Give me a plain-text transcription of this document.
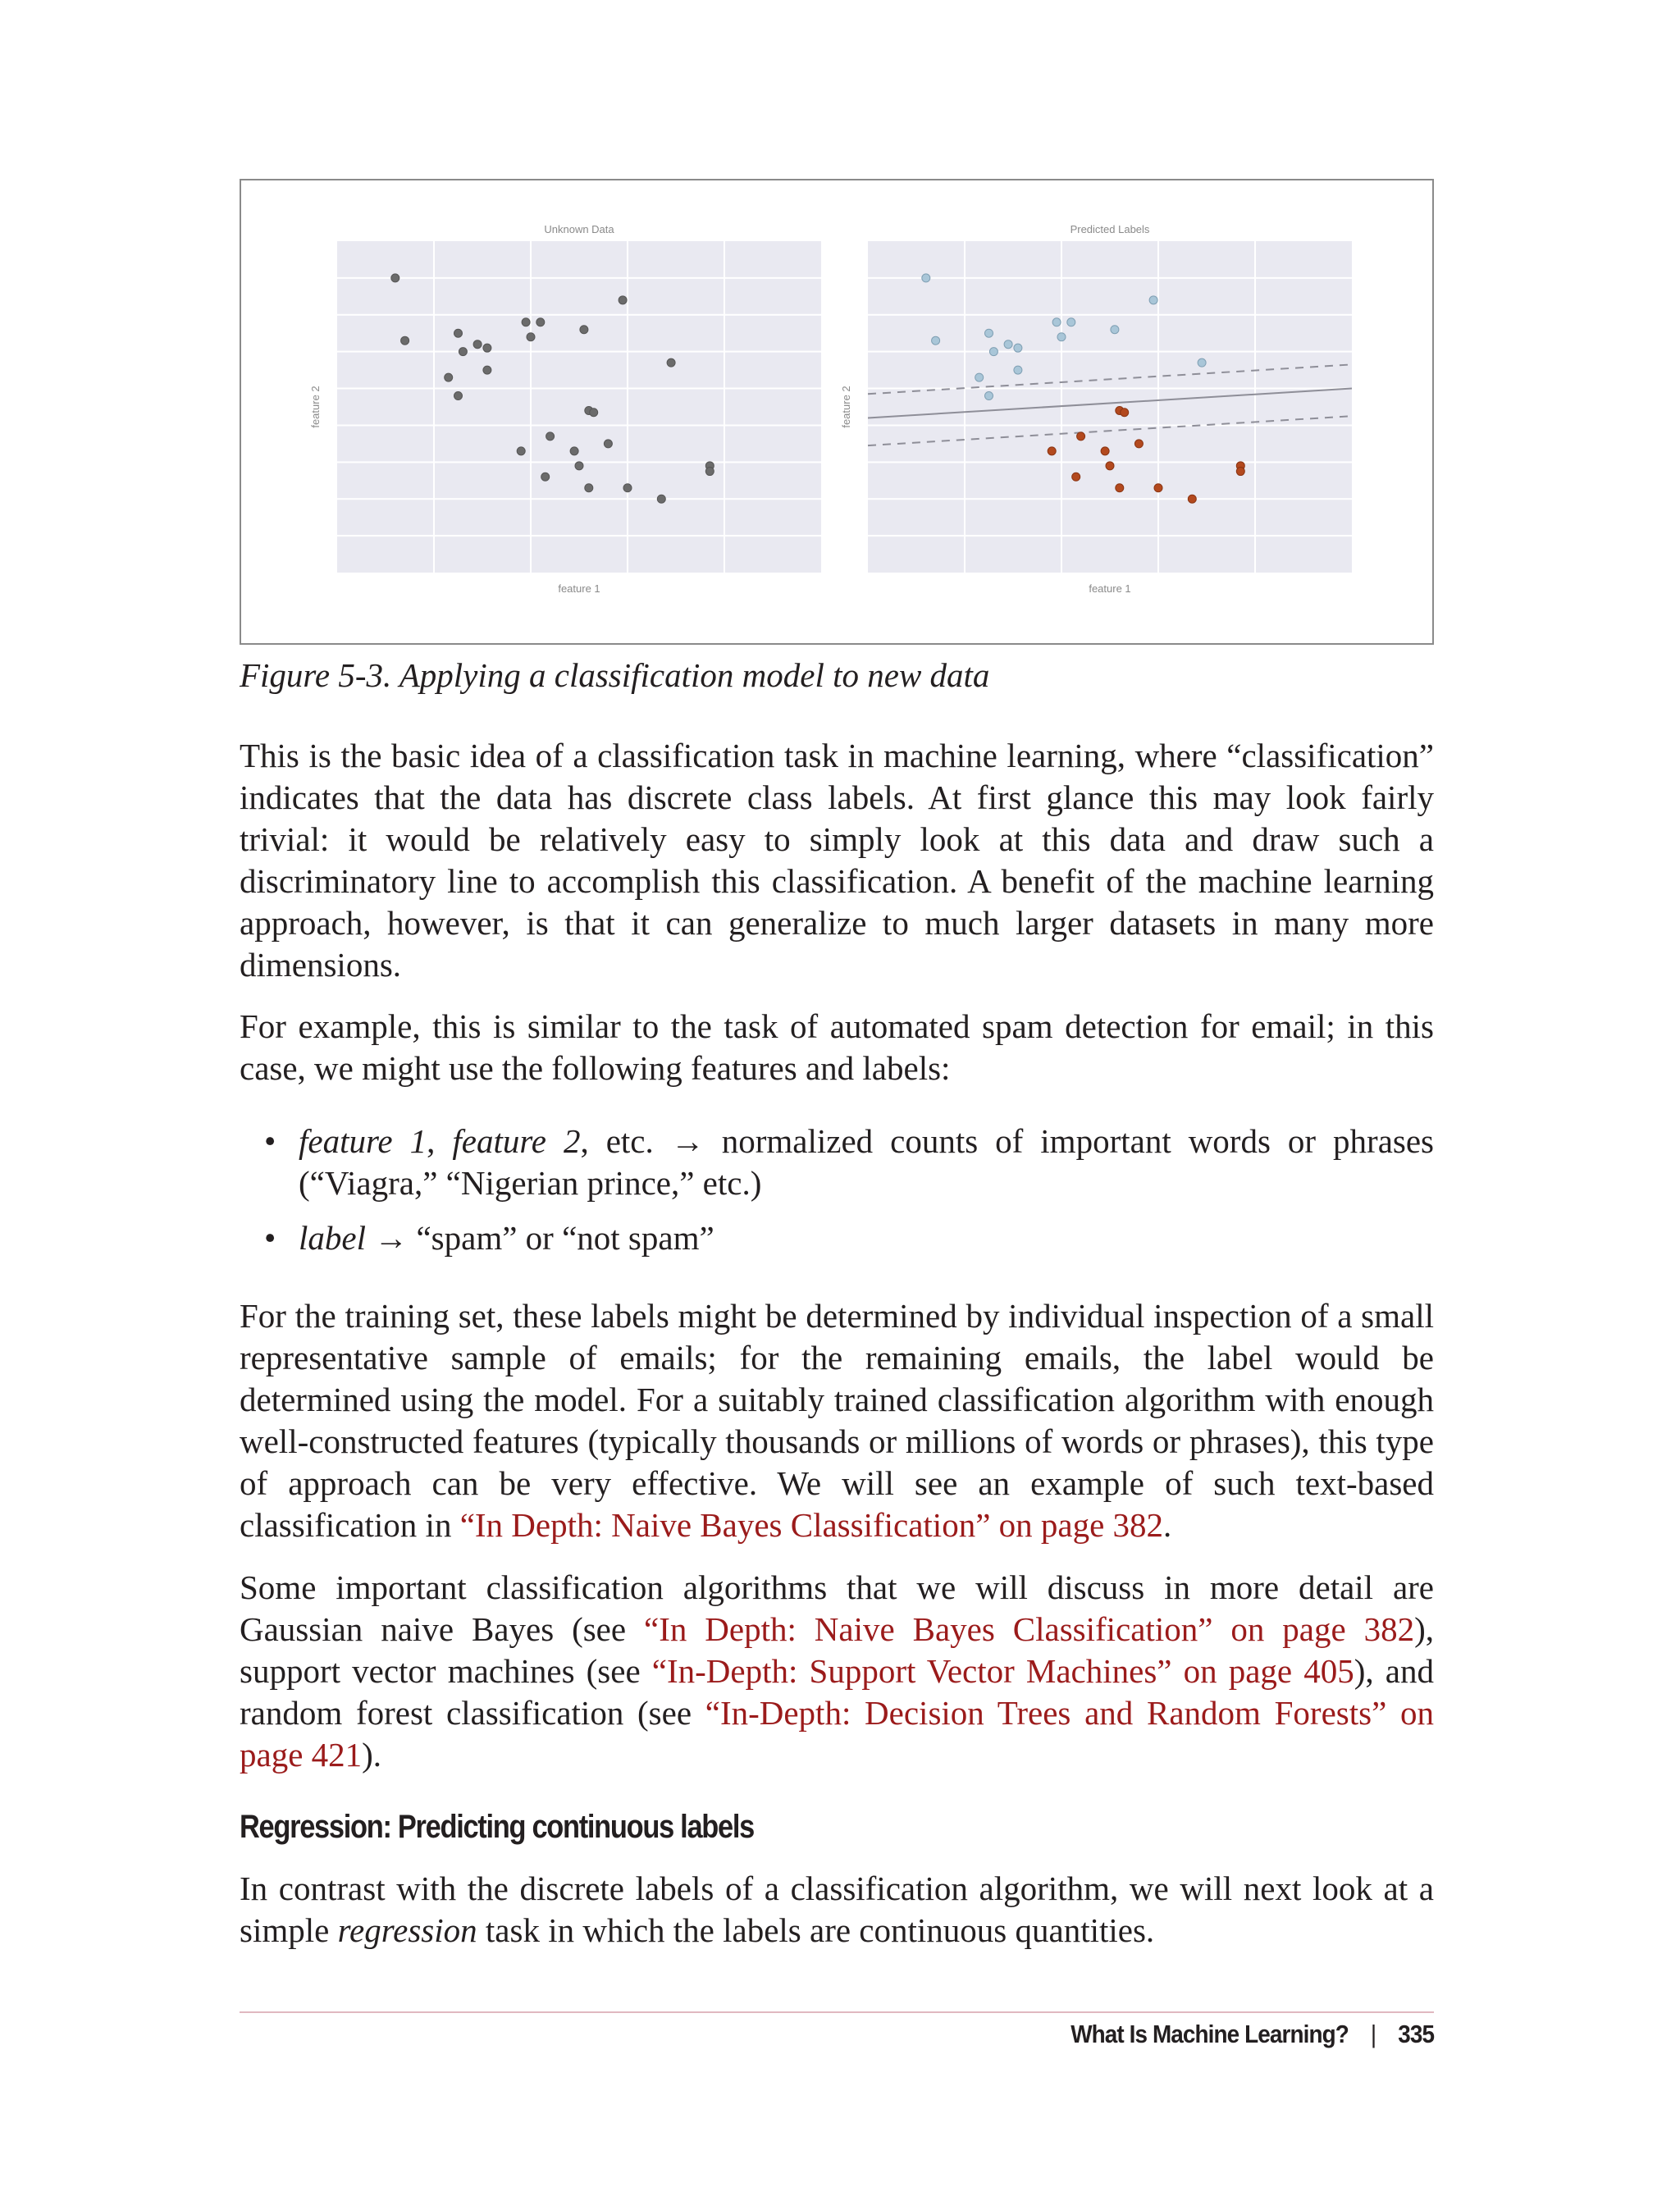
Unknown Data
feature 1
feature 2
Predicted Labels
feature 1
feature 2
Figure 5-3. Applying a classification model to new data

This is the basic idea of a classification task in machine learning, where “classification” indicates that the data has discrete class labels. At first glance this may look fairly trivial: it would be relatively easy to simply look at this data and draw such a discriminatory line to accomplish this classification. A benefit of the machine learning approach, however, is that it can generalize to much larger datasets in many more dimensions.

For example, this is similar to the task of automated spam detection for email; in this case, we might use the following features and labels:

• feature 1, feature 2, etc. → normalized counts of important words or phrases (“Viagra,” “Nigerian prince,” etc.)
• label → “spam” or “not spam”

For the training set, these labels might be determined by individual inspection of a small representative sample of emails; for the remaining emails, the label would be determined using the model. For a suitably trained classification algorithm with enough well-constructed features (typically thousands or millions of words or phrases), this type of approach can be very effective. We will see an example of such text-based classification in “In Depth: Naive Bayes Classification” on page 382.

Some important classification algorithms that we will discuss in more detail are Gaussian naive Bayes (see “In Depth: Naive Bayes Classification” on page 382), support vector machines (see “In-Depth: Support Vector Machines” on page 405), and random forest classification (see “In-Depth: Decision Trees and Random Forests” on page 421).

Regression: Predicting continuous labels

In contrast with the discrete labels of a classification algorithm, we will next look at a simple regression task in which the labels are continuous quantities.

What Is Machine Learning? | 335
